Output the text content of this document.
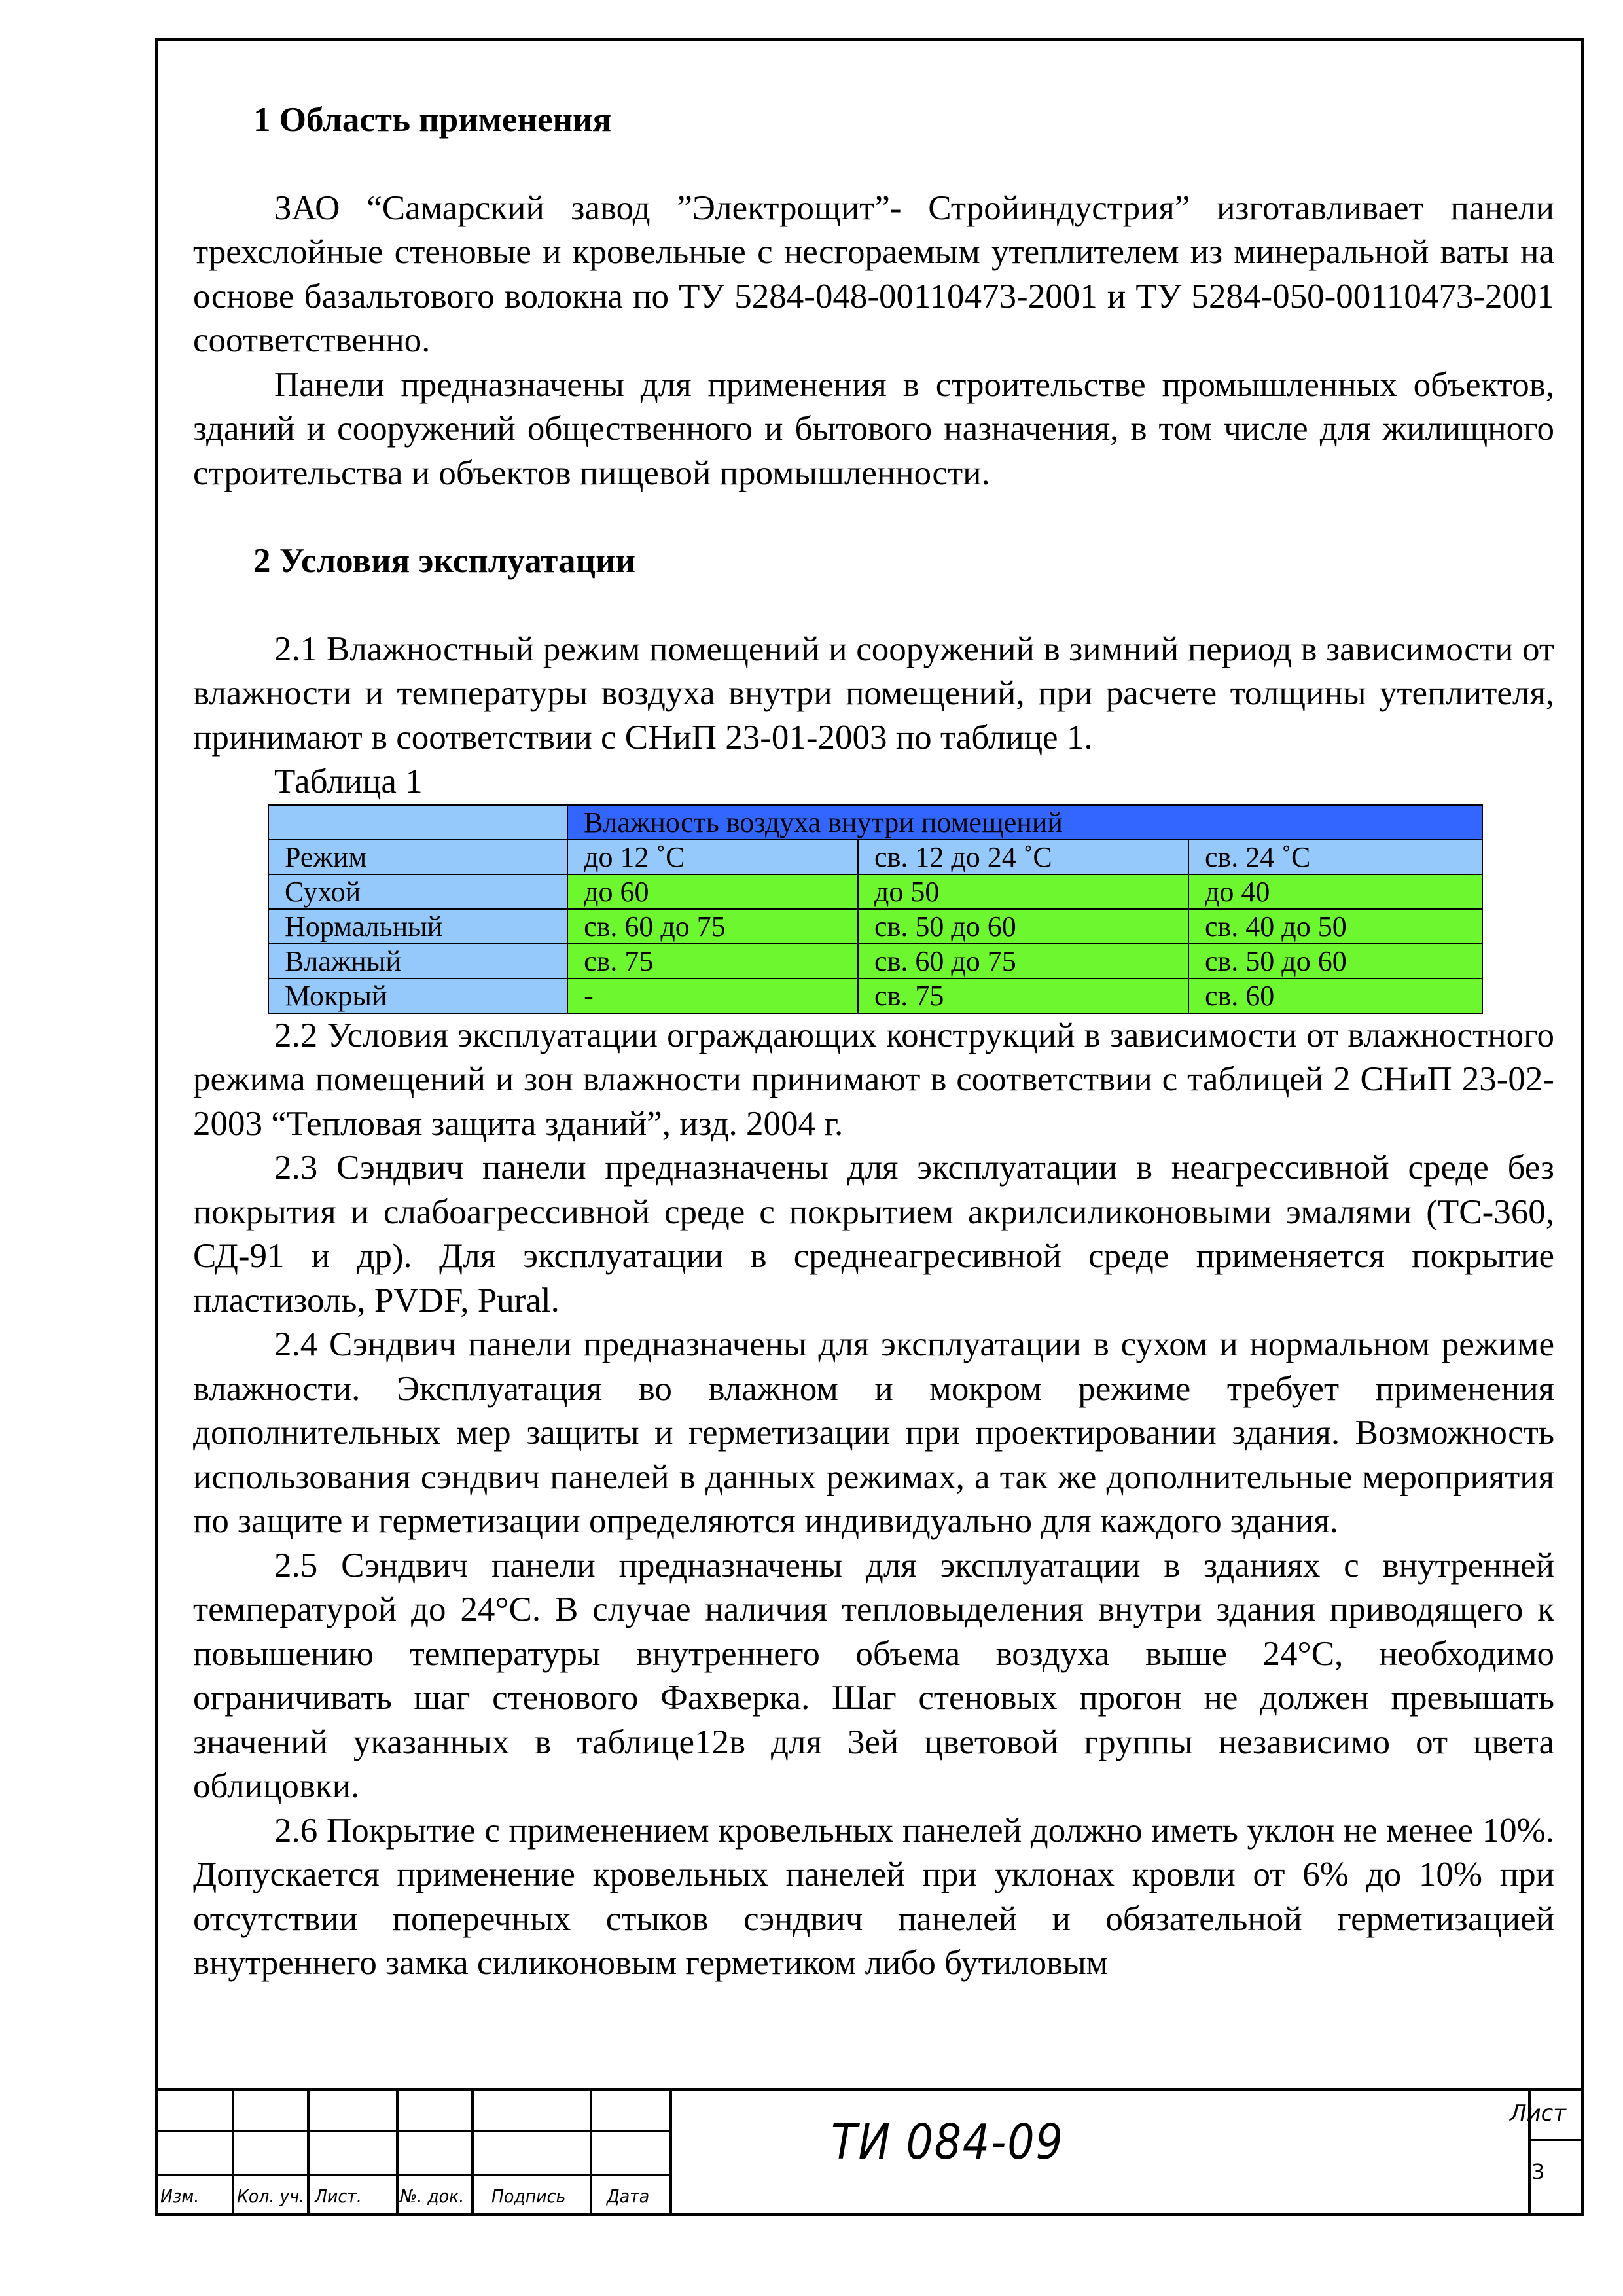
1 Область применения

ЗАО “Самарский завод ”Электрощит”- Стройиндустрия” изготавливает панели трехслойные стеновые и кровельные с несгораемым утеплителем из минеральной ваты на основе базальтового волокна по ТУ 5284-048-00110473-2001 и ТУ 5284-050-00110473-2001 соответственно.

Панели предназначены для применения в строительстве промышленных объектов, зданий и сооружений общественного и бытового назначения, в том числе для жилищного строительства и объектов пищевой промышленности.

2 Условия эксплуатации

2.1 Влажностный режим помещений и сооружений в зимний период в зависимости от влажности и температуры воздуха внутри помещений, при расчете толщины утеплителя, принимают в соответствии с СНиП 23-01-2003 по таблице 1.

Таблица 1

	Влажность воздуха внутри помещений		
Режим	до 12 ˚С	св. 12 до 24 ˚С	св. 24 ˚С
Сухой	до 60	до 50	до 40
Нормальный	св. 60 до 75	св. 50 до 60	св. 40 до 50
Влажный	св. 75	св. 60 до 75	св. 50 до 60
Мокрый	-	св. 75	св. 60

2.2 Условия эксплуатации ограждающих конструкций в зависимости от влажностного режима помещений и зон влажности принимают в соответствии с таблицей 2 СНиП 23-02-2003 “Тепловая защита зданий”, изд. 2004 г.

2.3 Сэндвич панели предназначены для эксплуатации в неагрессивной среде без покрытия и слабоагрессивной среде с покрытием акрилсиликоновыми эмалями (ТС-360, СД-91 и др). Для эксплуатации в среднеагресивной среде применяется покрытие пластизоль, PVDF, Pural.

2.4 Сэндвич панели предназначены для эксплуатации в сухом и нормальном режиме влажности. Эксплуатация во влажном и мокром режиме требует применения дополнительных мер защиты и герметизации при проектировании здания. Возможность использования сэндвич панелей в данных режимах, а так же дополнительные мероприятия по защите и герметизации определяются индивидуально для каждого здания.

2.5 Сэндвич панели предназначены для эксплуатации в зданиях с внутренней температурой до 24°С. В случае наличия тепловыделения внутри здания приводящего к повышению температуры внутреннего объема воздуха выше 24°С, необходимо ограничивать шаг стенового Фахверка. Шаг стеновых прогон не должен превышать значений указанных в таблице12в для 3ей цветовой группы независимо от цвета облицовки.

2.6 Покрытие с применением кровельных панелей должно иметь уклон не менее 10%. Допускается применение кровельных панелей при уклонах кровли от 6% до 10% при отсутствии поперечных стыков сэндвич панелей и обязательной герметизацией внутреннего замка силиконовым герметиком либо бутиловым

Изм. Кол. уч. Лист. №. док. Подпись Дата
ТИ 084-09
Лист
3
